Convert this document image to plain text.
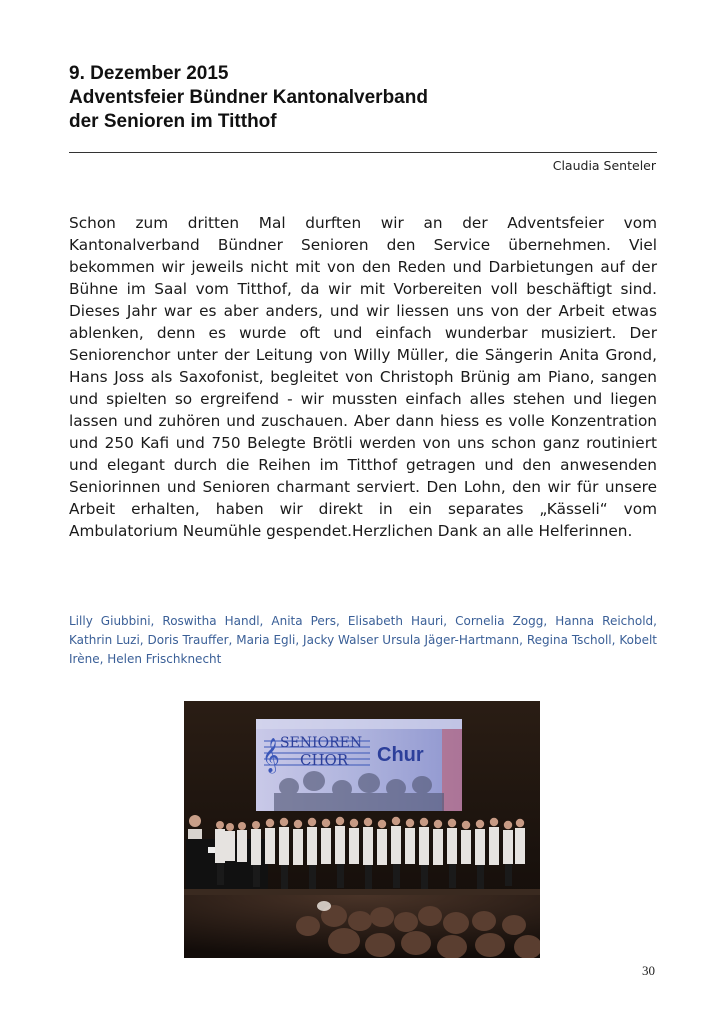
9. Dezember 2015
Adventsfeier Bündner Kantonalverband
der Senioren im Titthof
Claudia Senteler

Schon zum dritten Mal durften wir an der Adventsfeier vom Kantonalverband Bündner Senioren den Service übernehmen. Viel bekommen wir jeweils nicht mit von den Reden und Darbietungen auf der Bühne im Saal vom Titthof, da wir mit Vorbereiten voll beschäftigt sind. Dieses Jahr war es aber anders, und wir liessen uns von der Arbeit etwas ablenken, denn es wurde oft und einfach wunderbar musiziert. Der Seniorenchor unter der Leitung von Willy Müller, die Sängerin Anita Grond, Hans Joss als Saxofonist, begleitet von Christoph Brünig am Piano, sangen und spielten so ergreifend - wir mussten einfach alles stehen und liegen lassen und zuhören und zuschauen. Aber dann hiess es volle Konzentration und 250 Kafi und 750 Belegte Brötli werden von uns schon ganz routiniert und elegant durch die Reihen im Titthof getragen und den anwesenden Seniorinnen und Senioren charmant serviert. Den Lohn, den wir für unsere Arbeit erhalten, haben wir direkt in ein separates „Kässeli“ vom Ambulatorium Neumühle gespendet.Herzlichen Dank an alle Helferinnen.

Lilly Giubbini, Roswitha Handl, Anita Pers, Elisabeth Hauri, Cornelia Zogg, Hanna Reichold, Kathrin Luzi, Doris Trauffer, Maria Egli, Jacky Walser Ursula Jäger-Hartmann, Regina Tscholl, Kobelt Irène, Helen Frischknecht

𝄞 SENIOREN
CHOR Chur
30
